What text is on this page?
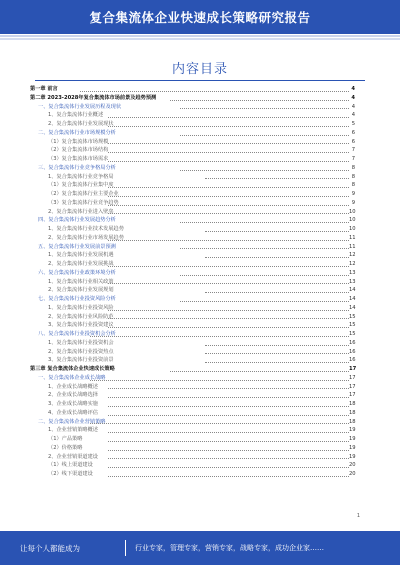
复合集流体企业快速成长策略研究报告
内容目录
第一章 前言	4
第二章 2023-2028年复合集流体市场前景及趋势预测	4
一、复合集流体行业发展历程及现状	4
1、复合集流体行业概述	4
2、复合集流体行业发展现状	5
二、复合集流体行业市场规模分析	6
（1）复合集流体市场规模	6
（2）复合集流体市场结构	7
（3）复合集流体市场需求	7
三、复合集流体行业竞争格局分析	8
1、复合集流体行业竞争格局	8
（1）复合集流体行业集中度	8
（2）复合集流体行业主要企业	9
（3）复合集流体行业竞争趋势	9
2、复合集流体行业进入壁垒	10
四、复合集流体行业发展趋势分析	10
1、复合集流体行业技术发展趋势	10
2、复合集流体行业市场发展趋势	11
五、复合集流体行业发展前景预测	11
1、复合集流体行业发展机遇	12
2、复合集流体行业发展挑战	12
六、复合集流体行业政策环境分析	13
1、复合集流体行业相关政策	13
2、复合集流体行业发展规划	14
七、复合集流体行业投资风险分析	14
1、复合集流体行业投资风险	14
2、复合集流体行业风险防范	15
3、复合集流体行业投资建议	15
八、复合集流体行业投资机会分析	15
1、复合集流体行业投资机会	16
2、复合集流体行业投资热点	16
3、复合集流体行业投资前景	16
第三章 复合集流体企业快速成长策略	17
一、复合集流体企业成长战略	17
1、企业成长战略概述	17
2、企业成长战略选择	17
3、企业成长战略实施	18
4、企业成长战略评估	18
二、复合集流体企业营销策略	18
1、企业营销策略概述	19
（1）产品策略	19
（2）价格策略	19
2、企业营销渠道建设	19
（1）线上渠道建设	20
（2）线下渠道建设	20
1
让每个人都能成为	行业专家，管理专家，营销专家，战略专家，成功企业家……
